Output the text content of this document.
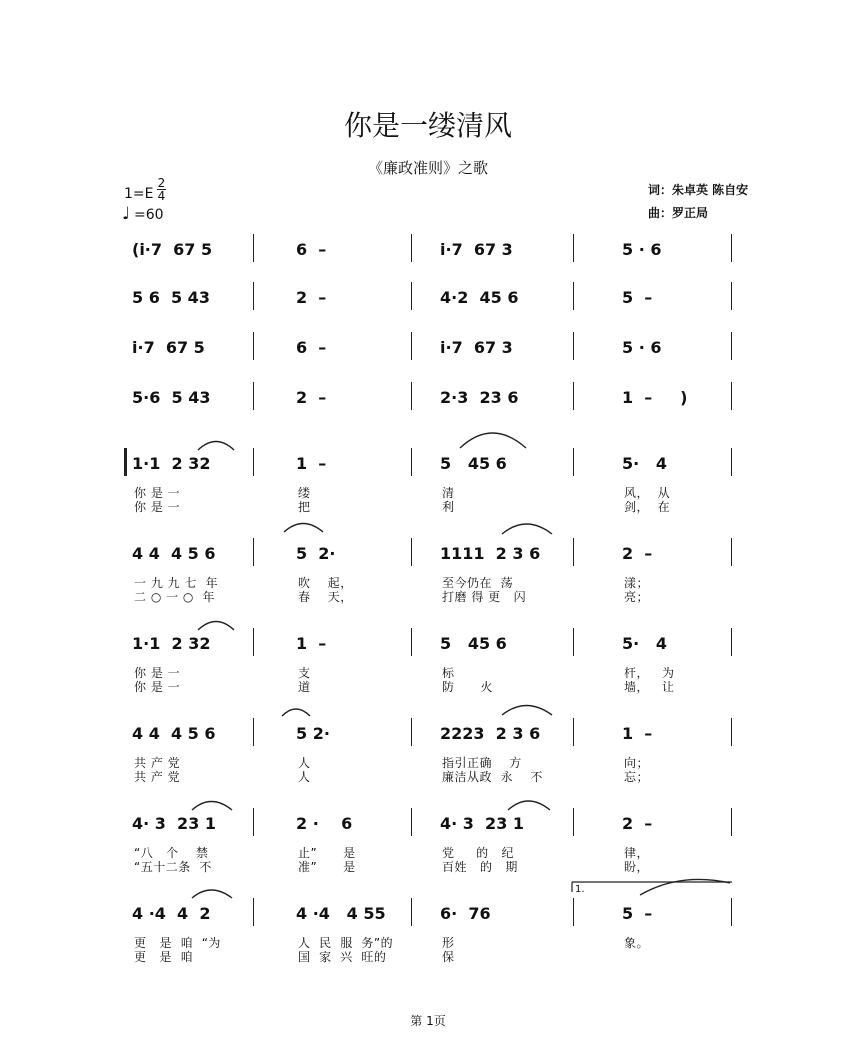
你是一缕清风
《廉政准则》之歌
1=E
2
4
♩ =60
词：朱卓英 陈自安
曲：罗正局
(i·7  67 5	6  –	i·7  67 3	5 · 6
5 6  5 43	2  –	4·2  45 6	5  –
i·7  67 5	6  –	i·7  67 3	5 · 6
5·6  5 43	2  –	2·3  23 6	1  –     )
1·1  2 32	1  –	5   45 6	5·   4
你 是 一	缕	清	风，  从
你 是 一	把	利	剑，  在
4 4  4 5 6	5  2·	1111  2 3 6	2  –
一 九 九 七  年	吹    起，	至今仍在  荡	漾；
二 ○ 一 ○  年	春    天，	打磨 得 更   闪	亮；
1·1  2 32	1  –	5   45 6	5·   4
你 是 一	支	标	杆，   为
你 是 一	道	防      火	墙，   让
4 4  4 5 6	5 2·	2223  2 3 6	1  –
共 产 党	人	指引正确    方	向；
共 产 党	人	廉洁从政  永    不	忘；
4· 3  23 1	2 ·    6	4· 3  23 1	2  –
“八   个    禁	止”      是	党     的   纪	律，
“五十二条  不	准”      是	百姓   的   期	盼，
4 ·4  4  2	4 ·4   4 55	6·  76	5  –
更   是  咱  “为	人  民  服  务”的	形	象。
更   是  咱	国  家  兴  旺的	保
1.
第 1页
